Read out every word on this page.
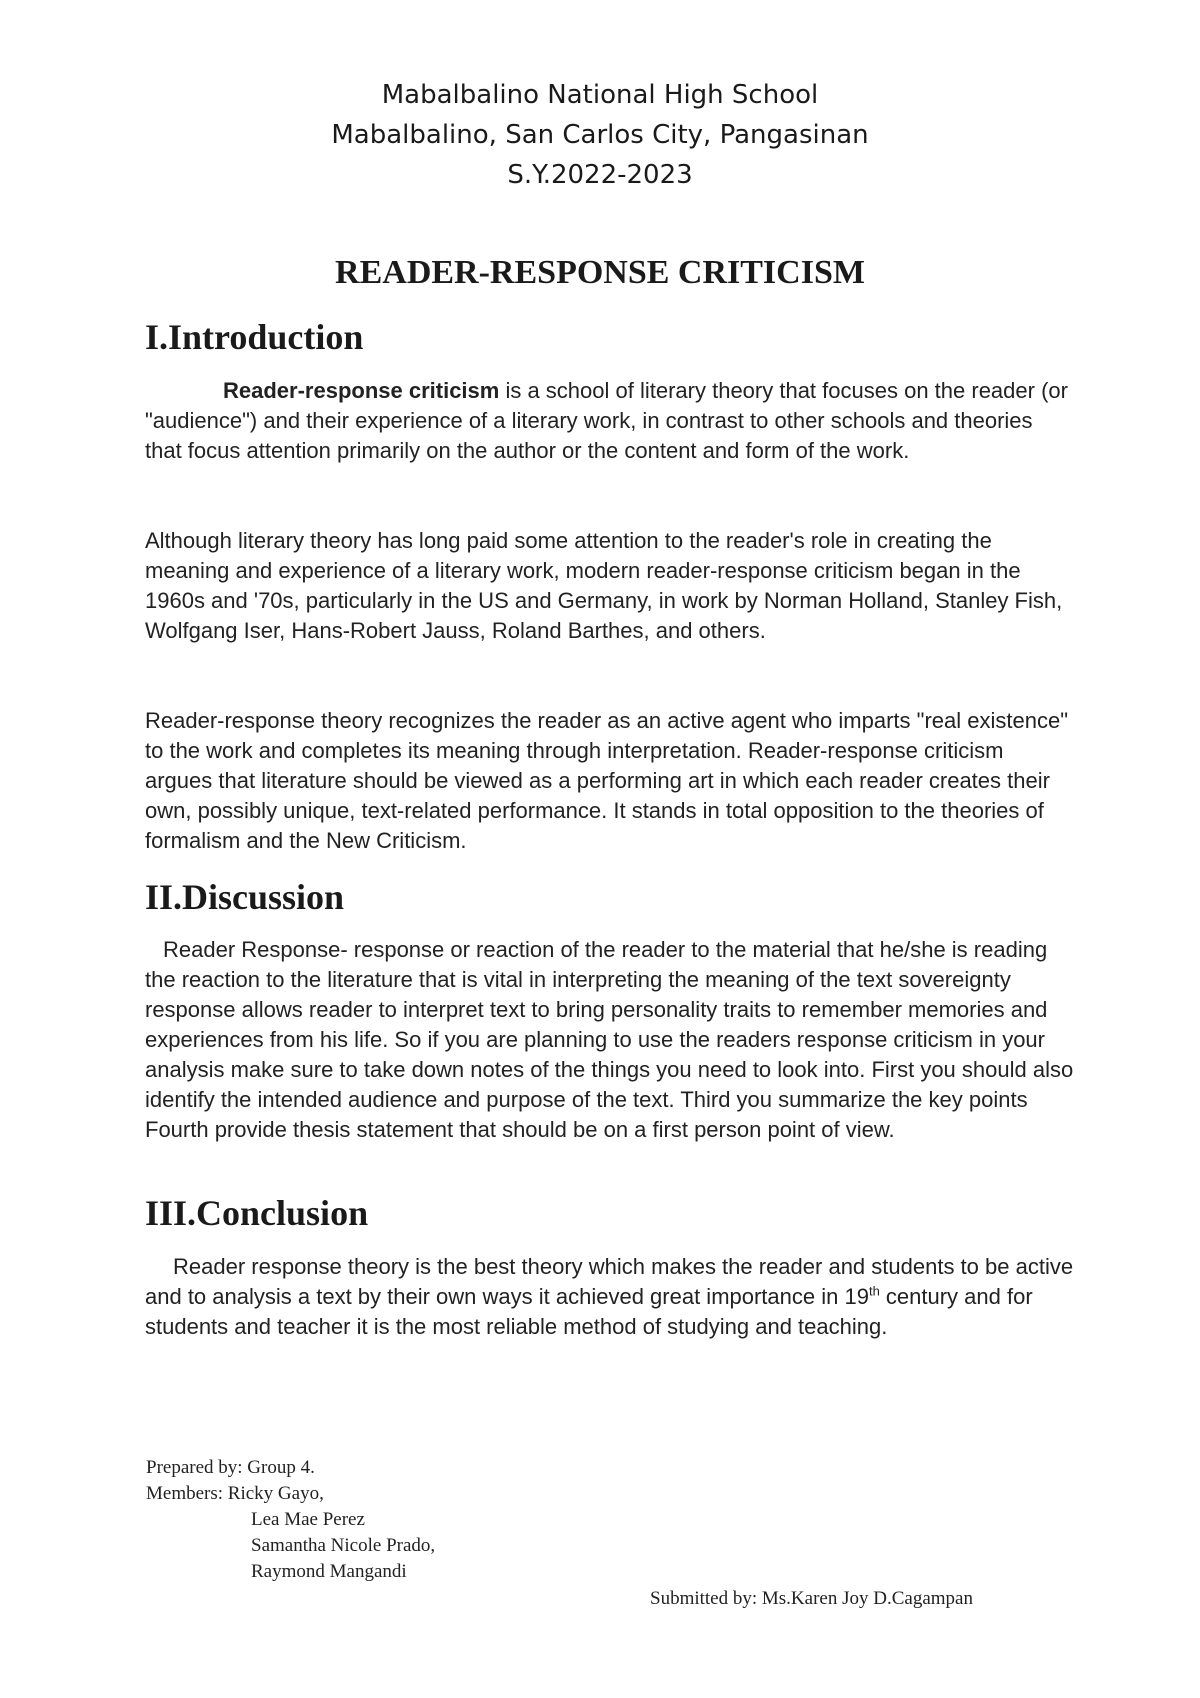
Mabalbalino National High School
Mabalbalino, San Carlos City, Pangasinan
S.Y.2022-2023
READER-RESPONSE CRITICISM
I.Introduction

Reader-response criticism is a school of literary theory that focuses on the reader (or "audience") and their experience of a literary work, in contrast to other schools and theories that focus attention primarily on the author or the content and form of the work.

Although literary theory has long paid some attention to the reader's role in creating the meaning and experience of a literary work, modern reader-response criticism began in the 1960s and '70s, particularly in the US and Germany, in work by Norman Holland, Stanley Fish, Wolfgang Iser, Hans-Robert Jauss, Roland Barthes, and others.

Reader-response theory recognizes the reader as an active agent who imparts "real existence" to the work and completes its meaning through interpretation. Reader-response criticism argues that literature should be viewed as a performing art in which each reader creates their own, possibly unique, text-related performance. It stands in total opposition to the theories of formalism and the New Criticism.

II.Discussion

Reader Response- response or reaction of the reader to the material that he/she is reading the reaction to the literature that is vital in interpreting the meaning of the text sovereignty response allows reader to interpret text to bring personality traits to remember memories and experiences from his life. So if you are planning to use the readers response criticism in your analysis make sure to take down notes of the things you need to look into. First you should also identify the intended audience and purpose of the text. Third you summarize the key points Fourth provide thesis statement that should be on a first person point of view.

III.Conclusion

Reader response theory is the best theory which makes the reader and students to be active and to analysis a text by their own ways it achieved great importance in 19th century and for students and teacher it is the most reliable method of studying and teaching.

Prepared by: Group 4.
Members: Ricky Gayo,
Lea Mae Perez
Samantha Nicole Prado,
Raymond Mangandi
Submitted by: Ms.Karen Joy D.Cagampan
